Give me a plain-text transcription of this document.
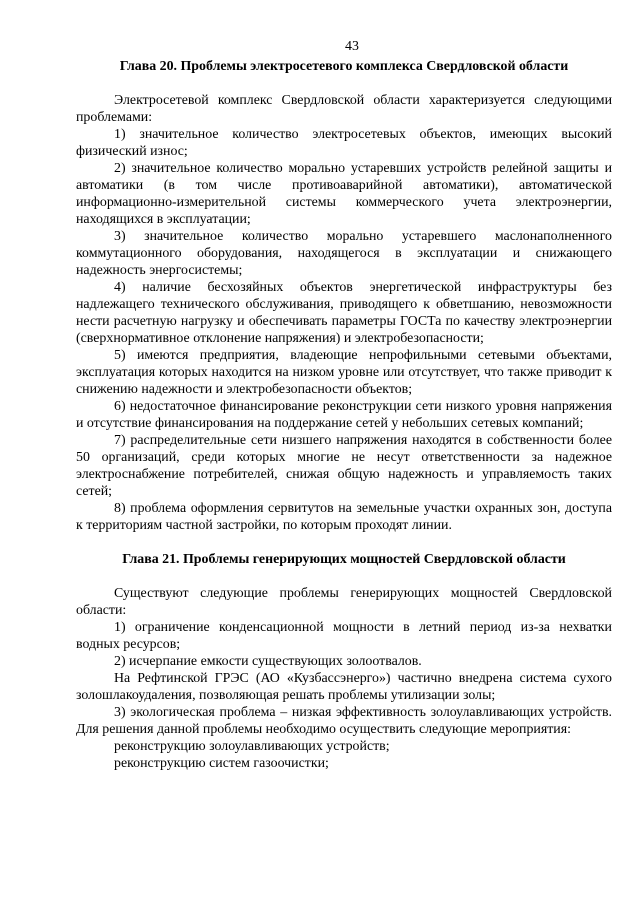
43
Глава 20. Проблемы электросетевого комплекса Свердловской области

Электросетевой комплекс Свердловской области характеризуется следующими проблемами:

1) значительное количество электросетевых объектов, имеющих высокий физический износ;

2) значительное количество морально устаревших устройств релейной защиты и автоматики (в том числе противоаварийной автоматики), автоматической информационно-измерительной системы коммерческого учета электроэнергии, находящихся в эксплуатации;

3) значительное количество морально устаревшего маслонаполненного коммутационного оборудования, находящегося в эксплуатации и снижающего надежность энергосистемы;

4) наличие бесхозяйных объектов энергетической инфраструктуры без надлежащего технического обслуживания, приводящего к обветшанию, невозможности нести расчетную нагрузку и обеспечивать параметры ГОСТа по качеству электроэнергии (сверхнормативное отклонение напряжения) и электробезопасности;

5) имеются предприятия, владеющие непрофильными сетевыми объектами, эксплуатация которых находится на низком уровне или отсутствует, что также приводит к снижению надежности и электробезопасности объектов;

6) недостаточное финансирование реконструкции сети низкого уровня напряжения и отсутствие финансирования на поддержание сетей у небольших сетевых компаний;

7) распределительные сети низшего напряжения находятся в собственности более 50 организаций, среди которых многие не несут ответственности за надежное электроснабжение потребителей, снижая общую надежность и управляемость таких сетей;

8) проблема оформления сервитутов на земельные участки охранных зон, доступа к территориям частной застройки, по которым проходят линии.

Глава 21. Проблемы генерирующих мощностей Свердловской области

Существуют следующие проблемы генерирующих мощностей Свердловской области:

1) ограничение конденсационной мощности в летний период из-за нехватки водных ресурсов;

2) исчерпание емкости существующих золоотвалов.

На Рефтинской ГРЭС (АО «Кузбассэнерго») частично внедрена система сухого золошлакоудаления, позволяющая решать проблемы утилизации золы;

3) экологическая проблема – низкая эффективность золоулавливающих устройств. Для решения данной проблемы необходимо осуществить следующие мероприятия:

реконструкцию золоулавливающих устройств;

реконструкцию систем газоочистки;
